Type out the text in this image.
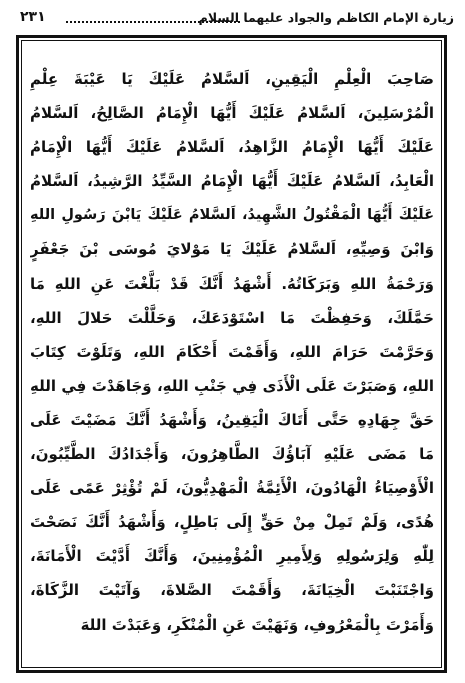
زيارة الإمام الكاظم والجواد عليهما السلام
٢٣١
صَاحِبَ الْعِلْمِ الْيَقِينِ، اَلسَّلامُ عَلَيْكَ يَا عَيْبَةَ عِلْمِ
الْمُرْسَلِينَ، اَلسَّلامُ عَلَيْكَ أَيُّهَا الْإِمَامُ الصَّالِحُ، اَلسَّلامُ
عَلَيْكَ أَيُّهَا الْإِمَامُ الزَّاهِدُ، اَلسَّلامُ عَلَيْكَ أَيُّهَا الْإِمَامُ
الْعَابِدُ، اَلسَّلامُ عَلَيْكَ أَيُّهَا الْإِمَامُ السَّيِّدُ الرَّشِيدُ، اَلسَّلامُ
عَلَيْكَ أَيُّهَا الْمَقْتُولُ الشَّهِيدُ، اَلسَّلامُ عَلَيْكَ يَابْنَ رَسُولِ اللهِ
وَابْنَ وَصِيِّهِ، اَلسَّلامُ عَلَيْكَ يَا مَوْلايَ مُوسَى بْنَ جَعْفَرٍ
وَرَحْمَةُ اللهِ وَبَرَكَاتُهُ. أَشْهَدُ أَنَّكَ قَدْ بَلَّغْتَ عَنِ اللهِ مَا
حَمَّلَكَ، وَحَفِظْتَ مَا اسْتَوْدَعَكَ، وَحَلَّلْتَ حَلالَ اللهِ،
وَحَرَّمْتَ حَرَامَ اللهِ، وَأَقَمْتَ أَحْكَامَ اللهِ، وَتَلَوْتَ كِتَابَ
اللهِ، وَصَبَرْتَ عَلَى الْأَذَى فِي جَنْبِ اللهِ، وَجَاهَدْتَ فِي اللهِ
حَقَّ جِهَادِهِ حَتَّى أَتَاكَ الْيَقِينُ، وَأَشْهَدُ أَنَّكَ مَضَيْتَ عَلَى
مَا مَضَى عَلَيْهِ آبَاؤُكَ الطَّاهِرُونَ، وَأَجْدَادُكَ الطَّيِّبُونَ،
الْأَوْصِيَاءُ الْهَادُونَ، الْأَئِمَّةُ الْمَهْدِيُّونَ، لَمْ تُؤْثِرْ عَمًى عَلَى
هُدًى، وَلَمْ تَمِلْ مِنْ حَقٍّ إِلَى بَاطِلٍ، وَأَشْهَدُ أَنَّكَ نَصَحْتَ
لِلّٰهِ وَلِرَسُولِهِ وَلِأَمِيرِ الْمُؤْمِنِينَ، وَأَنَّكَ أَدَّيْتَ الْأَمَانَةَ،
وَاجْتَنَبْتَ الْخِيَانَةَ، وَأَقَمْتَ الصَّلاةَ، وَآتَيْتَ الزَّكَاةَ،
وَأَمَرْتَ بِالْمَعْرُوفِ، وَنَهَيْتَ عَنِ الْمُنْكَرِ، وَعَبَدْتَ اللهَ
